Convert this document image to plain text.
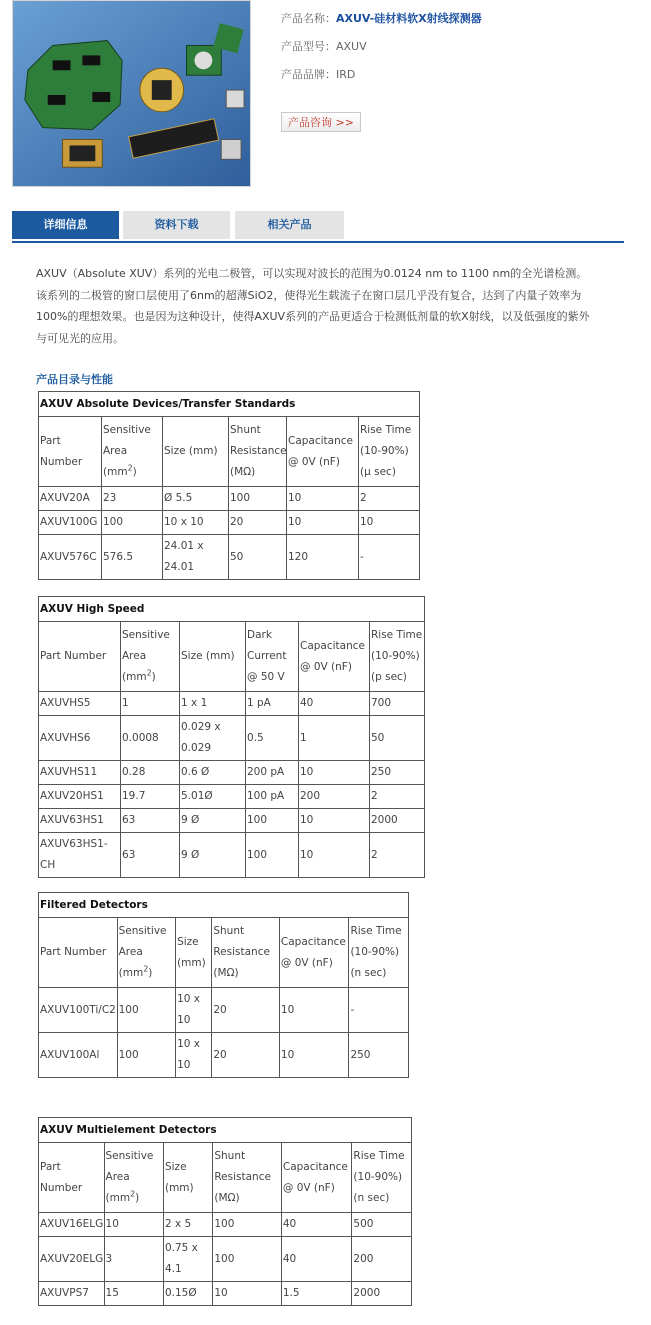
产品名称：AXUV-硅材料软X射线探测器
产品型号：AXUV
产品品牌：IRD
产品咨询 >>
详细信息	资料下载	相关产品
AXUV（Absolute XUV）系列的光电二极管，可以实现对波长的范围为0.0124 nm to 1100 nm的全光谱检测。该系列的二极管的窗口层使用了6nm的超薄SiO2，使得光生载流子在窗口层几乎没有复合，达到了内量子效率为100%的理想效果。也是因为这种设计，使得AXUV系列的产品更适合于检测低剂量的软X射线，以及低强度的紫外与可见光的应用。
产品目录与性能
AXUV Absolute Devices/Transfer Standards					
Part Number	Sensitive Area $(mm^2)$	Size (mm)	Shunt Resistance (MΩ)	Capacitance @ 0V (nF)	Rise Time (10-90%) (μ sec)
AXUV20A	23	Ø 5.5	100	10	2
AXUV100G	100	10 x 10	20	10	10
AXUV576C	576.5	24.01 x 24.01	50	120	-
AXUV High Speed					
Part Number	Sensitive Area $(mm^2)$	Size (mm)	Dark Current @ 50 V	Capacitance @ 0V (nF)	Rise Time (10-90%) (p sec)
AXUVHS5	1	1 x 1	1 pA	40	700
AXUVHS6	0.0008	0.029 x 0.029	0.5	1	50
AXUVHS11	0.28	0.6 Ø	200 pA	10	250
AXUV20HS1	19.7	5.01Ø	100 pA	200	2
AXUV63HS1	63	9 Ø	100	10	2000
AXUV63HS1-CH	63	9 Ø	100	10	2
Filtered Detectors					
Part Number	Sensitive Area $(mm^2)$	Size (mm)	Shunt Resistance (MΩ)	Capacitance @ 0V (nF)	Rise Time (10-90%) (n sec)
AXUV100Ti/C2	100	10 x 10	20	10	-
AXUV100Al	100	10 x 10	20	10	250
AXUV Multielement Detectors					
Part Number	Sensitive Area $(mm^2)$	Size (mm)	Shunt Resistance (MΩ)	Capacitance @ 0V (nF)	Rise Time (10-90%) (n sec)
AXUV16ELG	10	2 x 5	100	40	500
AXUV20ELG	3	0.75 x 4.1	100	40	200
AXUVPS7	15	0.15Ø	10	1.5	2000
